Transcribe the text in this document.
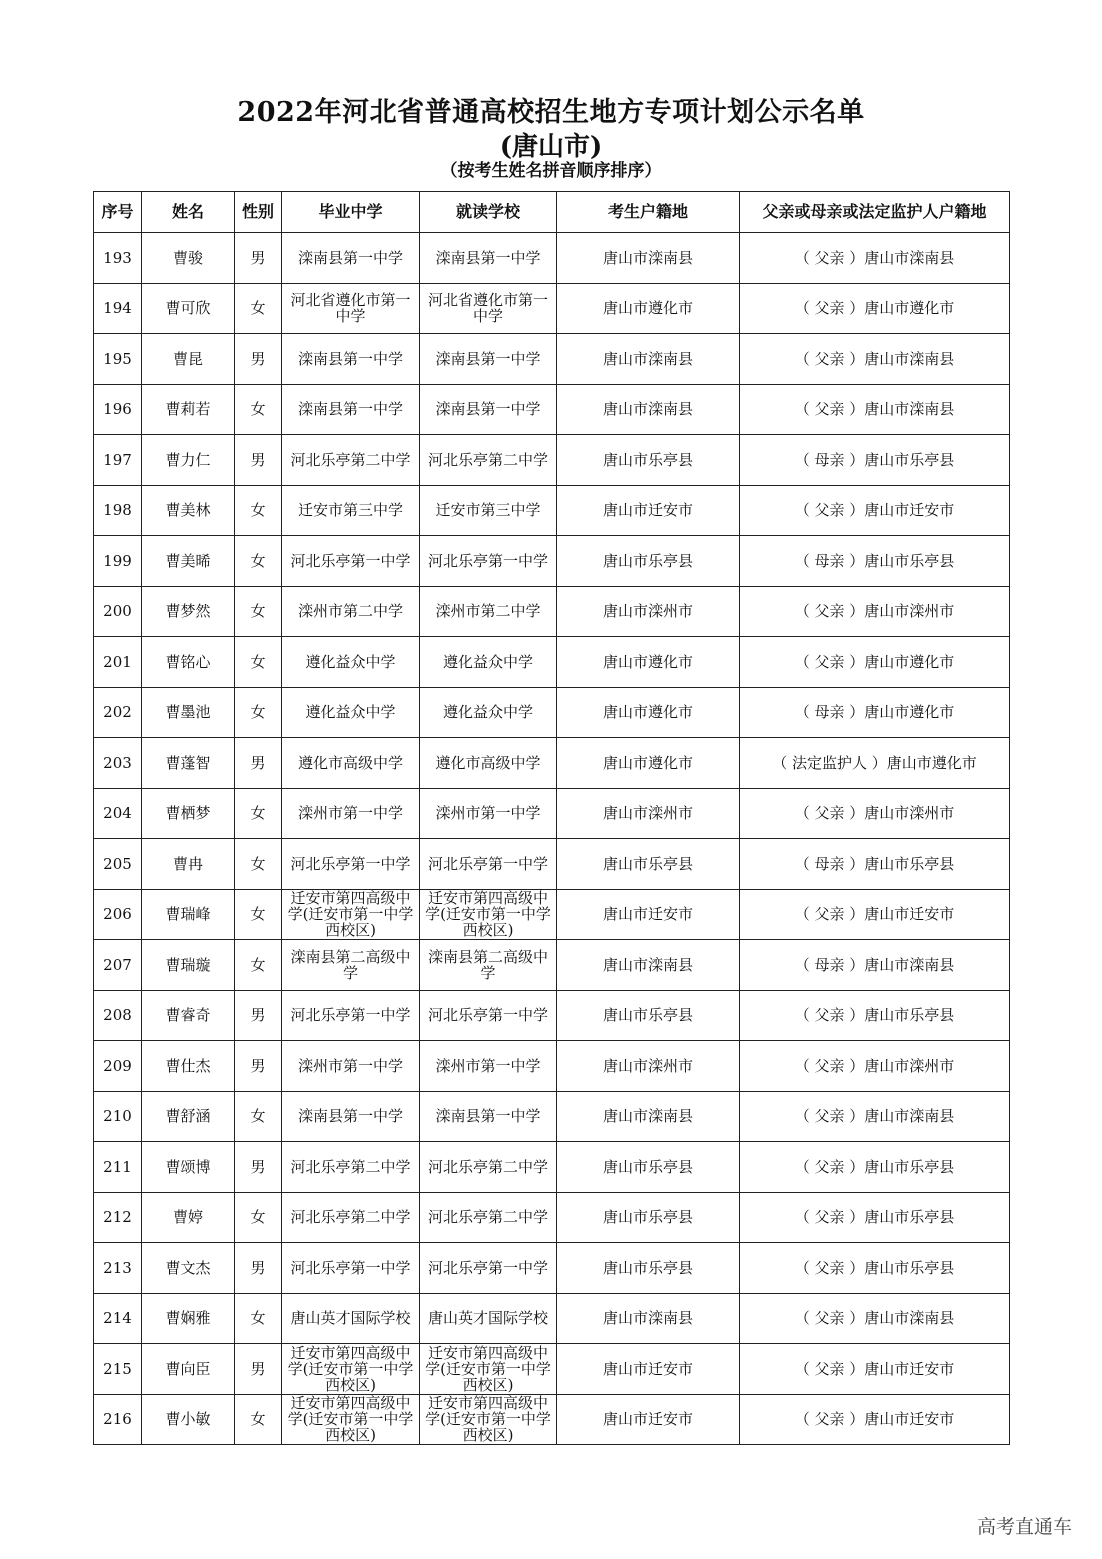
2022年河北省普通高校招生地方专项计划公示名单
(唐山市)
（按考生姓名拼音顺序排序）
序号	姓名	性别	毕业中学	就读学校	考生户籍地	父亲或母亲或法定监护人户籍地
193	曹骏	男	滦南县第一中学	滦南县第一中学	唐山市滦南县	（ 父亲 ）唐山市滦南县
194	曹可欣	女	河北省遵化市第一中学	河北省遵化市第一中学	唐山市遵化市	（ 父亲 ）唐山市遵化市
195	曹昆	男	滦南县第一中学	滦南县第一中学	唐山市滦南县	（ 父亲 ）唐山市滦南县
196	曹莉若	女	滦南县第一中学	滦南县第一中学	唐山市滦南县	（ 父亲 ）唐山市滦南县
197	曹力仁	男	河北乐亭第二中学	河北乐亭第二中学	唐山市乐亭县	（ 母亲 ）唐山市乐亭县
198	曹美林	女	迁安市第三中学	迁安市第三中学	唐山市迁安市	（ 父亲 ）唐山市迁安市
199	曹美晞	女	河北乐亭第一中学	河北乐亭第一中学	唐山市乐亭县	（ 母亲 ）唐山市乐亭县
200	曹梦然	女	滦州市第二中学	滦州市第二中学	唐山市滦州市	（ 父亲 ）唐山市滦州市
201	曹铭心	女	遵化益众中学	遵化益众中学	唐山市遵化市	（ 父亲 ）唐山市遵化市
202	曹墨池	女	遵化益众中学	遵化益众中学	唐山市遵化市	（ 母亲 ）唐山市遵化市
203	曹蓬智	男	遵化市高级中学	遵化市高级中学	唐山市遵化市	（ 法定监护人 ）唐山市遵化市
204	曹栖梦	女	滦州市第一中学	滦州市第一中学	唐山市滦州市	（ 父亲 ）唐山市滦州市
205	曹冉	女	河北乐亭第一中学	河北乐亭第一中学	唐山市乐亭县	（ 母亲 ）唐山市乐亭县
206	曹瑞峰	女	迁安市第四高级中学(迁安市第一中学西校区)	迁安市第四高级中学(迁安市第一中学西校区)	唐山市迁安市	（ 父亲 ）唐山市迁安市
207	曹瑞璇	女	滦南县第二高级中学	滦南县第二高级中学	唐山市滦南县	（ 母亲 ）唐山市滦南县
208	曹睿奇	男	河北乐亭第一中学	河北乐亭第一中学	唐山市乐亭县	（ 父亲 ）唐山市乐亭县
209	曹仕杰	男	滦州市第一中学	滦州市第一中学	唐山市滦州市	（ 父亲 ）唐山市滦州市
210	曹舒涵	女	滦南县第一中学	滦南县第一中学	唐山市滦南县	（ 父亲 ）唐山市滦南县
211	曹颂博	男	河北乐亭第二中学	河北乐亭第二中学	唐山市乐亭县	（ 父亲 ）唐山市乐亭县
212	曹婷	女	河北乐亭第二中学	河北乐亭第二中学	唐山市乐亭县	（ 父亲 ）唐山市乐亭县
213	曹文杰	男	河北乐亭第一中学	河北乐亭第一中学	唐山市乐亭县	（ 父亲 ）唐山市乐亭县
214	曹娴雅	女	唐山英才国际学校	唐山英才国际学校	唐山市滦南县	（ 父亲 ）唐山市滦南县
215	曹向臣	男	迁安市第四高级中学(迁安市第一中学西校区)	迁安市第四高级中学(迁安市第一中学西校区)	唐山市迁安市	（ 父亲 ）唐山市迁安市
216	曹小敏	女	迁安市第四高级中学(迁安市第一中学西校区)	迁安市第四高级中学(迁安市第一中学西校区)	唐山市迁安市	（ 父亲 ）唐山市迁安市
高考直通车
